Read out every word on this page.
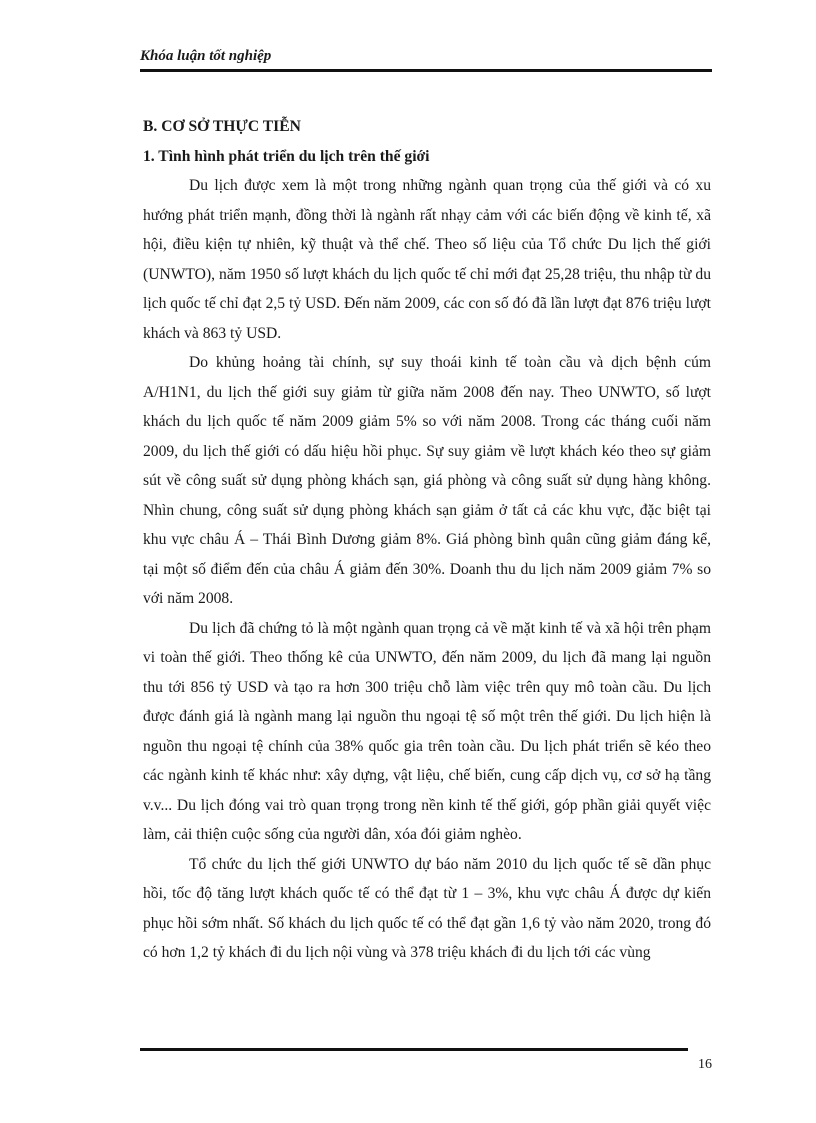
Khóa luận tốt nghiệp

B. CƠ SỞ THỰC TIỄN

1. Tình hình phát triển du lịch trên thế giới

Du lịch được xem là một trong những ngành quan trọng của thế giới và có xu hướng phát triển mạnh, đồng thời là ngành rất nhạy cảm với các biến động về kinh tế, xã hội, điều kiện tự nhiên, kỹ thuật và thể chế. Theo số liệu của Tổ chức Du lịch thế giới (UNWTO), năm 1950 số lượt khách du lịch quốc tế chỉ mới đạt 25,28 triệu, thu nhập từ du lịch quốc tế chỉ đạt 2,5 tỷ USD. Đến năm 2009, các con số đó đã lần lượt đạt 876 triệu lượt khách và 863 tỷ USD.

Do khủng hoảng tài chính, sự suy thoái kinh tế toàn cầu và dịch bệnh cúm A/H1N1, du lịch thế giới suy giảm từ giữa năm 2008 đến nay. Theo UNWTO, số lượt khách du lịch quốc tế năm 2009 giảm 5% so với năm 2008. Trong các tháng cuối năm 2009, du lịch thế giới có dấu hiệu hồi phục. Sự suy giảm về lượt khách kéo theo sự giảm sút về công suất sử dụng phòng khách sạn, giá phòng và công suất sử dụng hàng không. Nhìn chung, công suất sử dụng phòng khách sạn giảm ở tất cả các khu vực, đặc biệt tại khu vực châu Á – Thái Bình Dương giảm 8%. Giá phòng bình quân cũng giảm đáng kể, tại một số điểm đến của châu Á giảm đến 30%. Doanh thu du lịch năm 2009 giảm 7% so với năm 2008.

Du lịch đã chứng tỏ là một ngành quan trọng cả về mặt kinh tế và xã hội trên phạm vi toàn thế giới. Theo thống kê của UNWTO, đến năm 2009, du lịch đã mang lại nguồn thu tới 856 tỷ USD và tạo ra hơn 300 triệu chỗ làm việc trên quy mô toàn cầu. Du lịch được đánh giá là ngành mang lại nguồn thu ngoại tệ số một trên thế giới. Du lịch hiện là nguồn thu ngoại tệ chính của 38% quốc gia trên toàn cầu. Du lịch phát triển sẽ kéo theo các ngành kinh tế khác như: xây dựng, vật liệu, chế biến, cung cấp dịch vụ, cơ sở hạ tầng v.v... Du lịch đóng vai trò quan trọng trong nền kinh tế thế giới, góp phần giải quyết việc làm, cải thiện cuộc sống của người dân, xóa đói giảm nghèo.

Tổ chức du lịch thế giới UNWTO dự báo năm 2010 du lịch quốc tế sẽ dần phục hồi, tốc độ tăng lượt khách quốc tế có thể đạt từ 1 – 3%, khu vực châu Á được dự kiến phục hồi sớm nhất. Số khách du lịch quốc tế có thể đạt gần 1,6 tỷ vào năm 2020, trong đó có hơn 1,2 tỷ khách đi du lịch nội vùng và 378 triệu khách đi du lịch tới các vùng

16
